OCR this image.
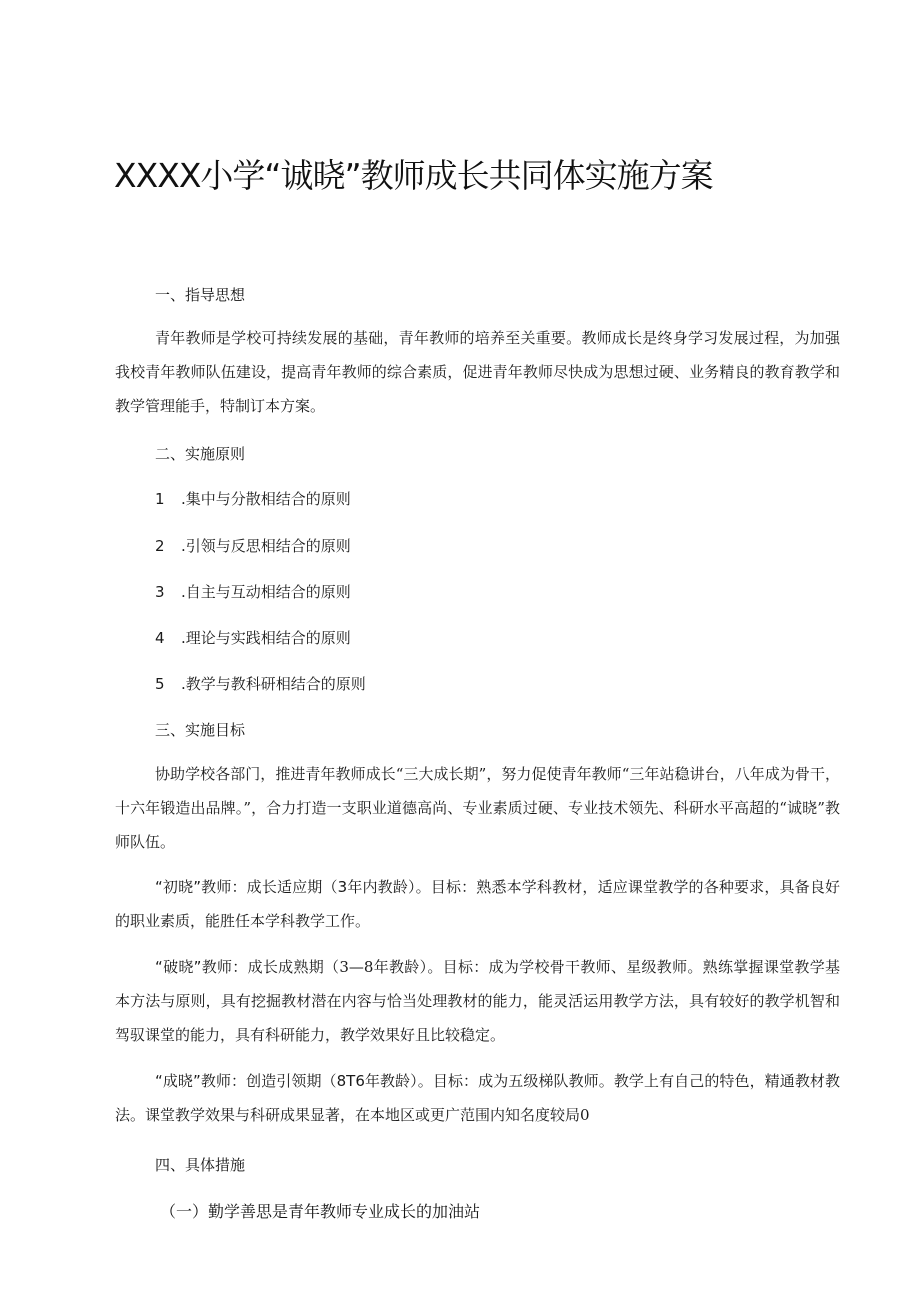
XXXX小学“诚晓”教师成长共同体实施方案

一、指导思想

青年教师是学校可持续发展的基础，青年教师的培养至关重要。教师成长是终身学习发展过程，为加强我校青年教师队伍建设，提高青年教师的综合素质，促进青年教师尽快成为思想过硬、业务精良的教育教学和教学管理能手，特制订本方案。

二、实施原则

1 .集中与分散相结合的原则

2 .引领与反思相结合的原则

3 .自主与互动相结合的原则

4 .理论与实践相结合的原则

5 .教学与教科研相结合的原则

三、实施目标

协助学校各部门，推进青年教师成长“三大成长期”，努力促使青年教师“三年站稳讲台，八年成为骨干，十六年锻造出品牌。”，合力打造一支职业道德高尚、专业素质过硬、专业技术领先、科研水平高超的“诚晓”教师队伍。

“初晓”教师：成长适应期（3年内教龄）。目标：熟悉本学科教材，适应课堂教学的各种要求，具备良好的职业素质，能胜任本学科教学工作。

“破晓”教师：成长成熟期（3—8年教龄）。目标：成为学校骨干教师、星级教师。熟练掌握课堂教学基本方法与原则，具有挖掘教材潜在内容与恰当处理教材的能力，能灵活运用教学方法，具有较好的教学机智和驾驭课堂的能力，具有科研能力，教学效果好且比较稳定。

“成晓”教师：创造引领期（8T6年教龄）。目标：成为五级梯队教师。教学上有自己的特色，精通教材教法。课堂教学效果与科研成果显著，在本地区或更广范围内知名度较局0

四、具体措施

（一）勤学善思是青年教师专业成长的加油站
